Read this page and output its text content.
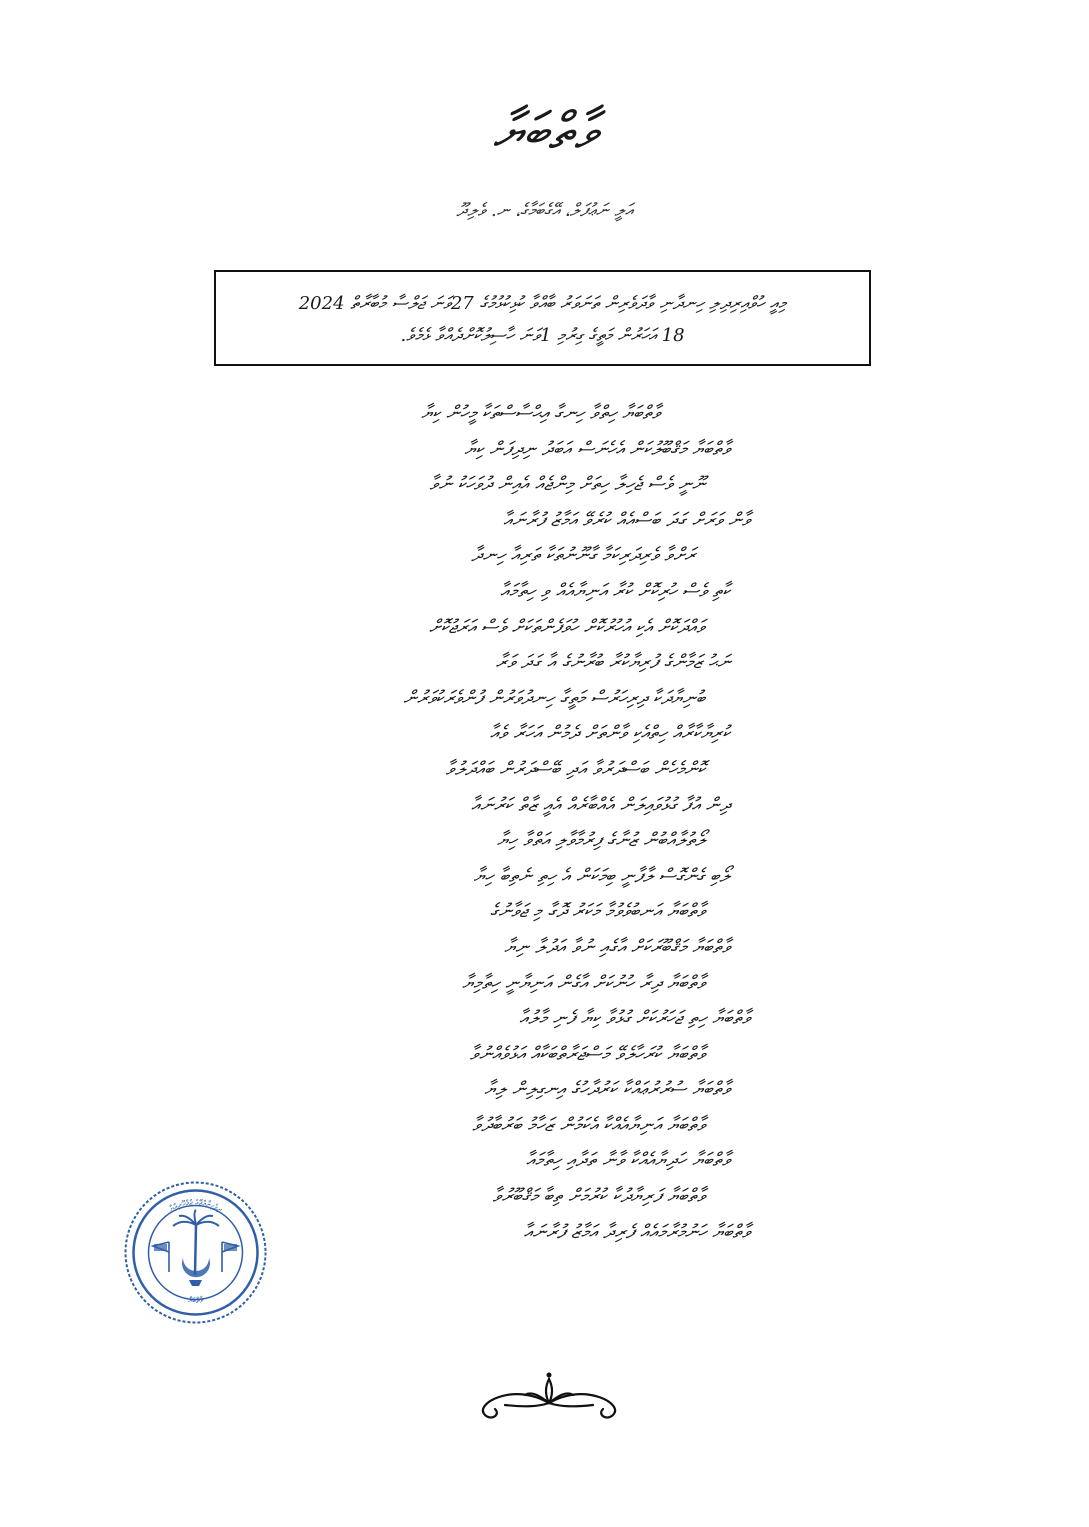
ވާތްބަޔާ
އަލީ ނަޢުފަލް، އޭގެބަމާގެ، ނ. ވެލިދޫ
މިއީ ހުވްއިރިދިލި ހިނދާނި ވާދަވެރިން ތަނަވަރު ބާއްވާ ކުޅިކުޅުމުގެ 27ވަނަ ޖަލްސާ މުބާރާތް 2024
18 އަހަރުން މަތީގެ ގިރުމި 1ވަނަ ހާސިލުކޮށްދެއްވާ ޅެމެވެ.
ވާތްބަޔާ ހިތްވާ ހިނގާ އިޙްސާސްތަކާ މީހުން ކިޔާ
ވާތްބަޔާ މަޤްބޫލުކަން އެހެނަސް އަބަދު ނިދިފަން ކިޔާ
ނޫނީ ވެސް ޖެހިލާ ހިތަށް މިންޖެއް އެއިން ދުވަހަކު ނުވާ
ވާން ވަރަށް ގަދަ ބަސްއެއް ކުރެވޭ އަމާޒު ފުރާނައާ
ރަށްވާ ވެރިދަރިކަމާ ގާނޫނުތަކާ ތަރިއާ ހިނދާ
ކާތި ވެސް ހުރިކޮށް ކުރާ އަނިޔާއެއް ވި ހިތާމައާ
ވައްދަކޮށް އެކި އުހުރުކޮށް ހުވަފެންތަކަށް ވެސް އަރަޖުކޮށް
ނަޙު ޒަމާންގެ ފުރިޔާކުރާ ބުރާނުގެ އާ ގަދަ ވަރާ
ބުނިޔާދަކާ ދިރިހަރުސް މަތީގާ ހިނދުވަރުން ފުންވެރަކުވަރުން
ކުރިޔާކާރާއް ހިތްއެކި ވާންތަށް ދެމުން އަހަރާ ވެއާ
ކޮންމެހެން ބަސްދަރުވާ އަދި ބޭސްދަރުން ބައްދަލުވާ
ދިން އުފާ ގުޅުވައިލަން އެއްބާރެއް އެއީ ޒާތް ކަރުނައާ
ލޯތުލާއްބުން ޒުނާގެ ފިރުމާވާލި އަތްވާ ހިޔާ
ލޯބި ގެންގޮސް ލާފާނީ ބިމަކަން އެ ހިތި ނެތިބާ ހިޔާ
ވާތްބަޔާ އަނބުވެވުމާ މަކަރު ދޮގާ މި ޖަވާނުގެ
ވާތްބަޔާ މަޤްބޫރަކަށް އާގެއި ނުވާ އަދުލާ ނިޔާ
ވާތްބަޔާ ދިރާ ހުނުކަށް އާގެން އަނިޔާނީ ހިތާމިޔާ
ވާތްބަޔާ ހިތި ޖަހަރުކަށް ގުޅުވާ ކިޔާ ފެނި މާލުއާ
ވާތްބަޔާ ކުރަހާލެވޭ މަސްޖަރާތްބަކާއް އަޅުވެއްނުވާ
ވާތްބަޔާ ސުރުރުޢައްކާ ކަރުދާހުގެ އިނގިލިން ލިޔާ
ވާތްބަޔާ އަނިޔާއެއްކާ އެކަމުން ޒަހާމު ބަރުބާދުވާ
ވާތްބަޔާ ހަދިޔާއެއްކާ ވާނާ ތަދާއި ހިތާމައާ
ވާތްބަޔާ ފަރިޔާދުކާ ކުރުމަށް ތިބާ މަޤްބޫރުވާ
ވާތްބަޔާ ހަނުމުރާމައެއް ފެރިދާ އަމާޒު ފުރާނައާ
ދިވެހިރާއްޖޭގެ ޖުމްހޫރިއްޔާ
ވާތްބަޔާ
